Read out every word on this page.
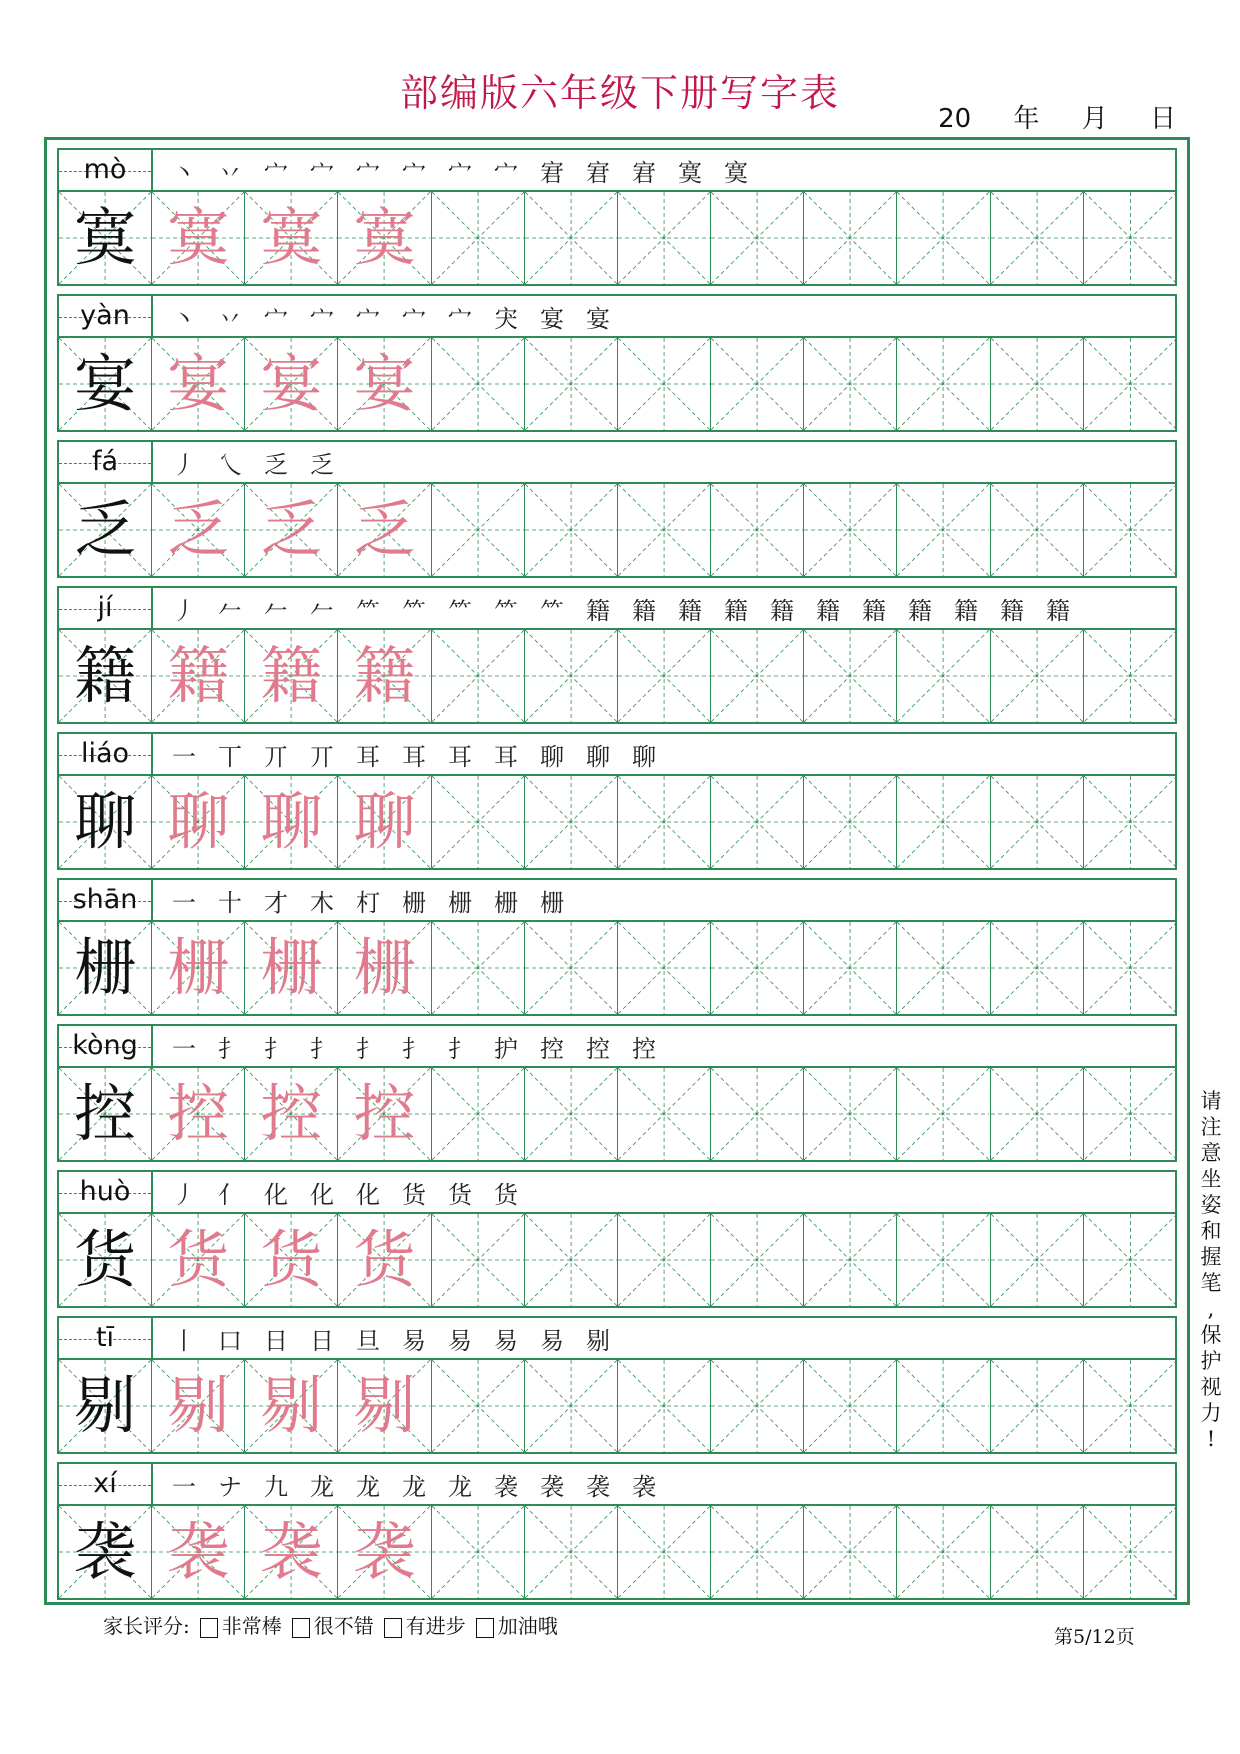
部编版六年级下册写字表
20 年 月 日
mò	丶 丷 宀 宀 宀 宀 宀 宀 宭 宭 宭 寞 寞
寞 寞 寞 寞
yàn	丶 丷 宀 宀 宀 宀 宀 宊 宴 宴
宴 宴 宴 宴
fá	丿 乀 乏 乏
乏 乏 乏 乏
jí	丿 𠂉 𠂉 𠂉 ⺮ ⺮ ⺮ ⺮ ⺮ 籍 籍 籍 籍 籍 籍 籍 籍 籍 籍 籍
籍 籍 籍 籍
liáo	一 丅 丌 丌 耳 耳 耳 耳 聊 聊 聊
聊 聊 聊 聊
shān	一 十 才 木 朾 栅 栅 栅 栅
栅 栅 栅 栅
kòng	一 扌 扌 扌 扌 扌 扌 护 控 控 控
控 控 控 控
huò	丿 亻 化 化 化 货 货 货
货 货 货 货
tī	丨 口 日 日 旦 易 易 易 易 剔
剔 剔 剔 剔
xí	一 ナ 九 龙 龙 龙 龙 袭 袭 袭 袭
袭 袭 袭 袭
请
注
意
坐
姿
和
握
笔
,
保
护
视
力
!
家长评分:	非常棒	很不错	有进步	加油哦	第5/12页
